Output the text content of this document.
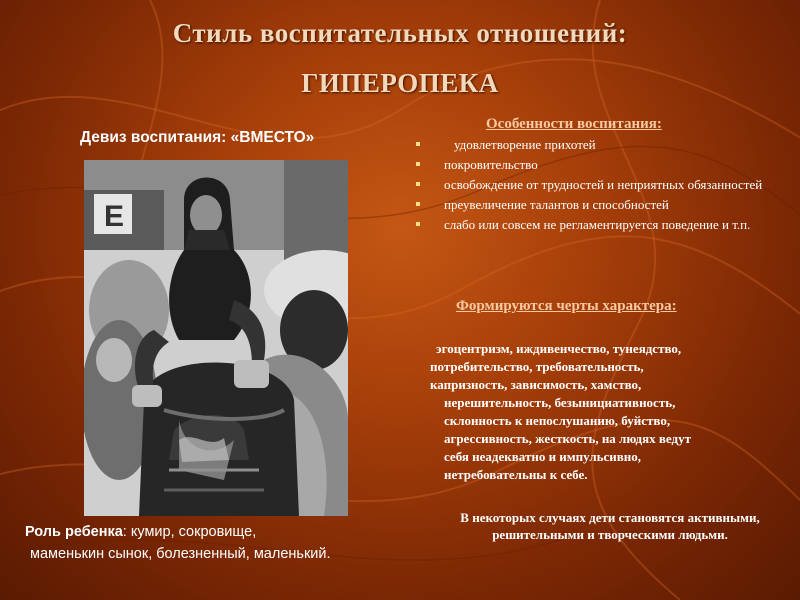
Стиль воспитательных отношений:
ГИПЕРОПЕКА
Девиз воспитания: «ВМЕСТО»
E
Роль ребенка: кумир, сокровище,
маменькин сынок, болезненный, маленький.
Особенности воспитания:
удовлетворение прихотей
покровительство
освобождение от трудностей и неприятных обязанностей
преувеличение талантов и способностей
слабо или совсем не регламентируется поведение и т.п.
Формируются черты характера:
эгоцентризм, иждивенчество, тунеядство,
потребительство, требовательность,
капризность, зависимость, хамство,
нерешительность, безынициативность,
склонность к непослушанию, буйство,
агрессивность, жесткость, на людях ведут
себя неадекватно и импульсивно,
нетребовательны к себе.
В некоторых случаях дети становятся активными, решительными и творческими людьми.
